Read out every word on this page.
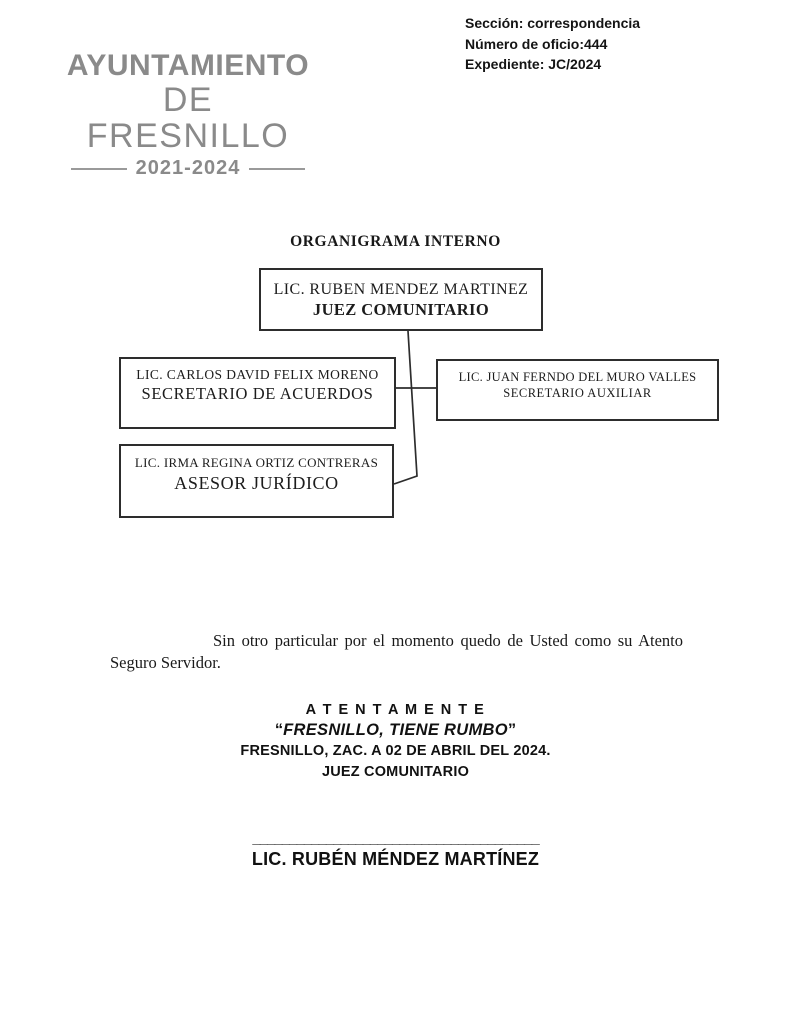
AYUNTAMIENTO
DE FRESNILLO
2021-2024
Sección: correspondencia
Número de oficio:444
Expediente: JC/2024
ORGANIGRAMA INTERNO
LIC. RUBEN MENDEZ MARTINEZ
JUEZ COMUNITARIO
LIC. CARLOS DAVID FELIX MORENO
SECRETARIO DE ACUERDOS
LIC. JUAN FERNDO DEL MURO VALLES
SECRETARIO AUXILIAR
LIC. IRMA REGINA ORTIZ CONTRERAS
ASESOR JURÍDICO
Sin otro particular por el momento quedo de Usted como su Atento
Seguro Servidor.
A T E N T A M E N T E
“FRESNILLO, TIENE RUMBO”
FRESNILLO, ZAC. A 02 DE ABRIL DEL 2024.
JUEZ COMUNITARIO
_______________________________________
LIC. RUBÉN MÉNDEZ MARTÍNEZ
